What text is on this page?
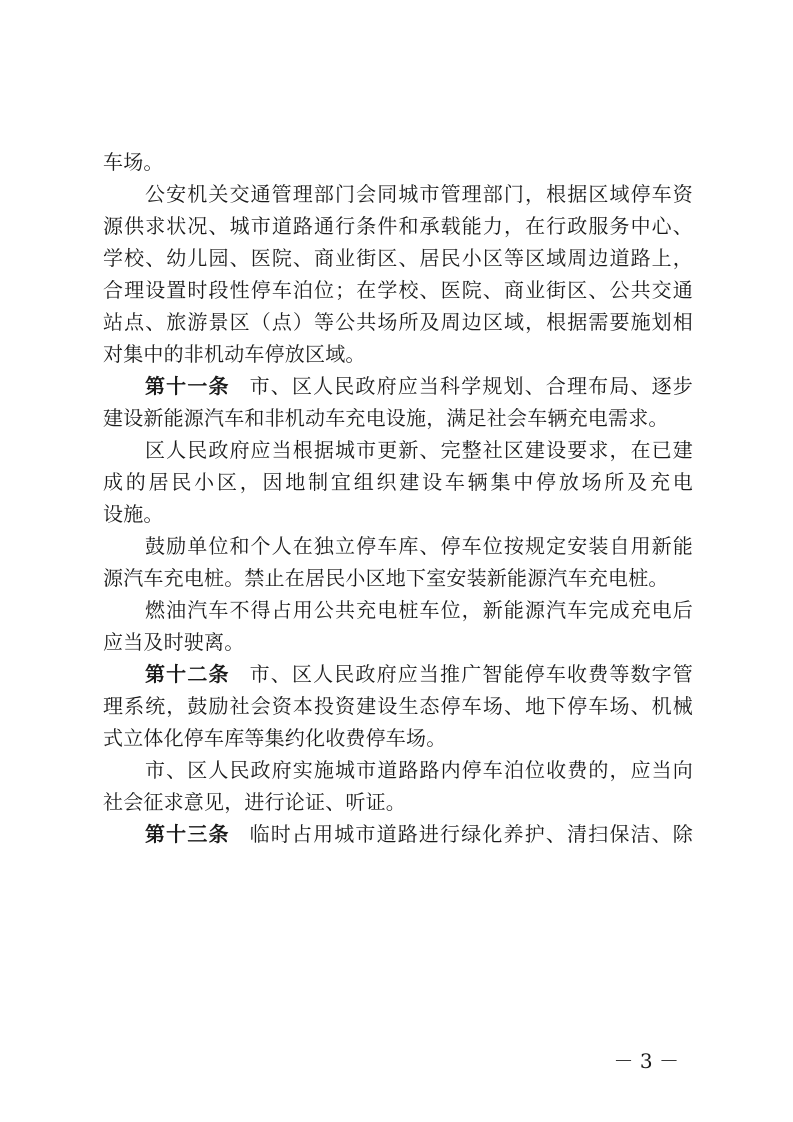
车场。
公安机关交通管理部门会同城市管理部门，根据区域停车资
源供求状况、城市道路通行条件和承载能力，在行政服务中心、
学校、幼儿园、医院、商业街区、居民小区等区域周边道路上，
合理设置时段性停车泊位；在学校、医院、商业街区、公共交通
站点、旅游景区（点）等公共场所及周边区域，根据需要施划相
对集中的非机动车停放区域。
第十一条 市、区人民政府应当科学规划、合理布局、逐步
建设新能源汽车和非机动车充电设施，满足社会车辆充电需求。
区人民政府应当根据城市更新、完整社区建设要求，在已建
成的居民小区，因地制宜组织建设车辆集中停放场所及充电
设施。
鼓励单位和个人在独立停车库、停车位按规定安装自用新能
源汽车充电桩。禁止在居民小区地下室安装新能源汽车充电桩。
燃油汽车不得占用公共充电桩车位，新能源汽车完成充电后
应当及时驶离。
第十二条 市、区人民政府应当推广智能停车收费等数字管
理系统，鼓励社会资本投资建设生态停车场、地下停车场、机械
式立体化停车库等集约化收费停车场。
市、区人民政府实施城市道路路内停车泊位收费的，应当向
社会征求意见，进行论证、听证。
第十三条 临时占用城市道路进行绿化养护、清扫保洁、除
－ 3 －
